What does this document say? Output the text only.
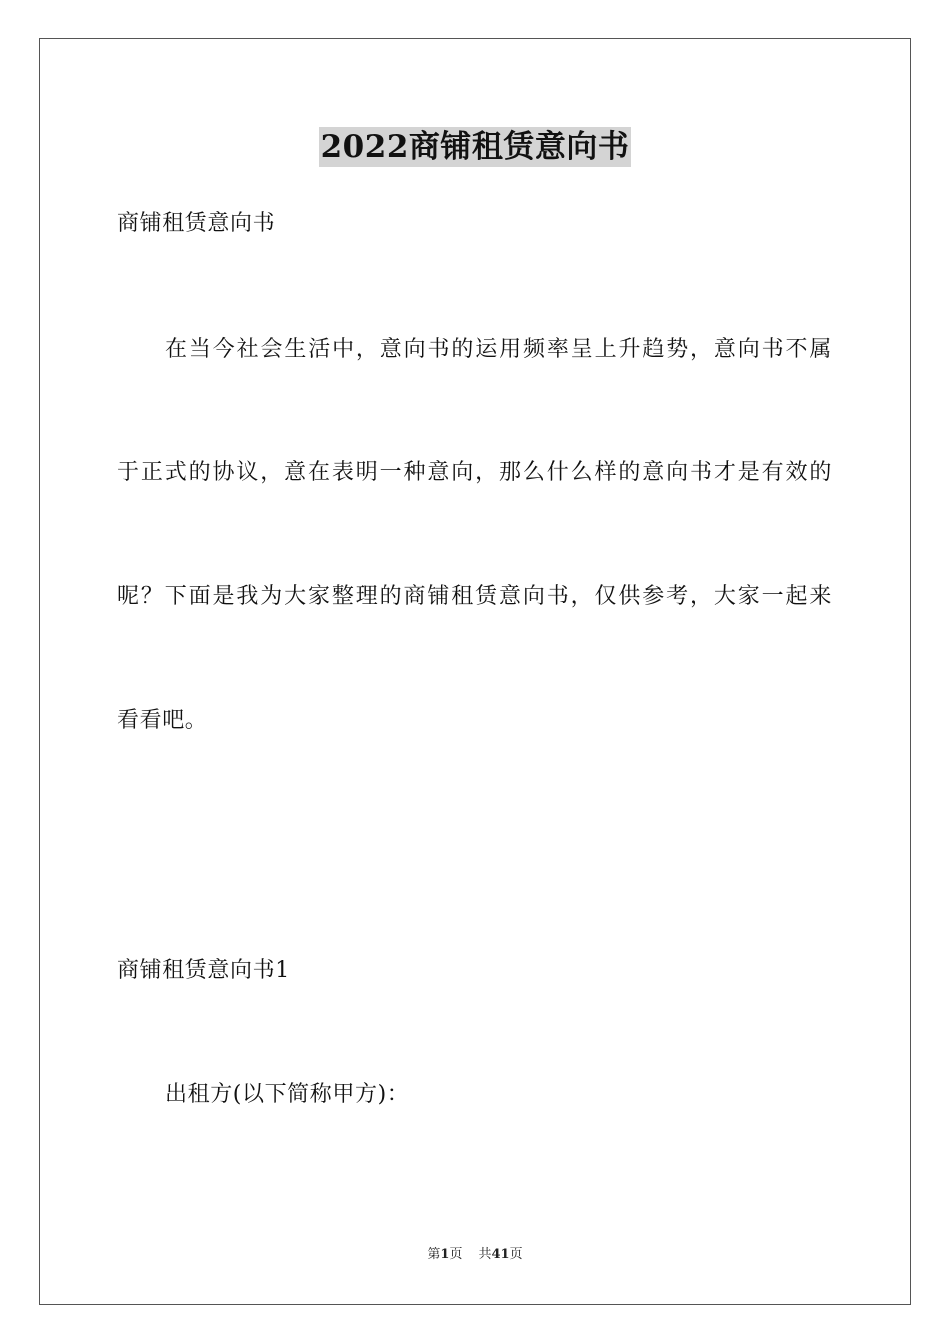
2022商铺租赁意向书
商铺租赁意向书
在当今社会生活中，意向书的运用频率呈上升趋势，意向书不属
于正式的协议，意在表明一种意向，那么什么样的意向书才是有效的
呢？下面是我为大家整理的商铺租赁意向书，仅供参考，大家一起来
看看吧。
商铺租赁意向书1
出租方(以下简称甲方)：
第1页 共41页
